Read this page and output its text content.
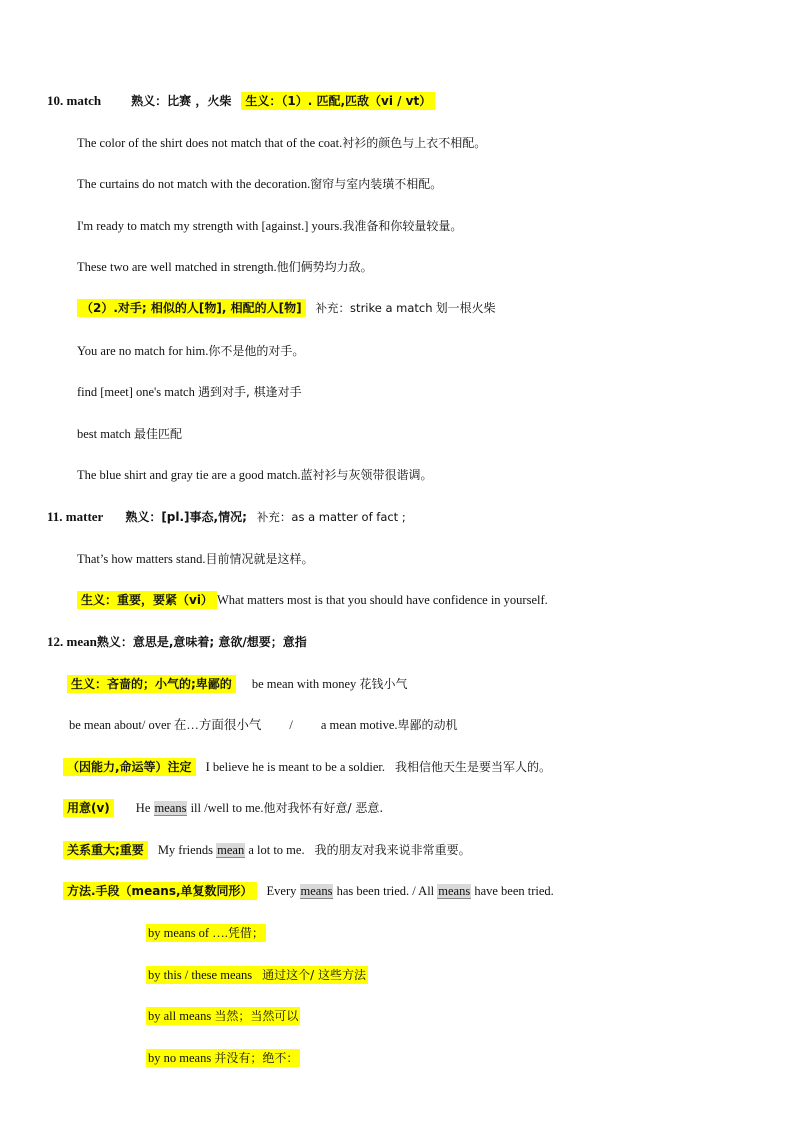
10. match	熟义：比赛 ，火柴 生义：（1）. 匹配,匹敌（vi / vt）
The color of the shirt does not match that of the coat.衬衫的颜色与上衣不相配。
The curtains do not match with the decoration.窗帘与室内装璜不相配。
I'm ready to match my strength with [against.] yours.我准备和你较量较量。
These two are well matched in strength.他们俩势均力敌。
（2）.对手; 相似的人[物], 相配的人[物] 补充：strike a match 划一根火柴
You are no match for him.你不是他的对手。
find [meet] one's match 遇到对手, 棋逢对手
best match 最佳匹配
The blue shirt and gray tie are a good match.蓝衬衫与灰领带很谐调。
11. matter 熟义：[pl.]事态,情况; 补充：as a matter of fact ;
That’s how matters stand.目前情况就是这样。
生义：重要，要紧（vi） What matters most is that you should have confidence in yourself.
12. mean熟义：意思是,意味着; 意欲/想要；意指
生义：吝啬的；小气的;卑鄙的 be mean with money 花钱小气
be mean about/ over 在…方面很小气 / a mean motive.卑鄙的动机
（因能力,命运等）注定 I believe he is meant to be a soldier. 我相信他天生是要当军人的。
用意(v) He means ill /well to me.他对我怀有好意/ 恶意.
关系重大;重要 My friends mean a lot to me. 我的朋友对我来说非常重要。
方法.手段（means,单复数同形） Every means has been tried. / All means have been tried.
by means of ….凭借；
by this / these means 通过这个/ 这些方法
by all means 当然；当然可以
by no means 并没有；绝不：
